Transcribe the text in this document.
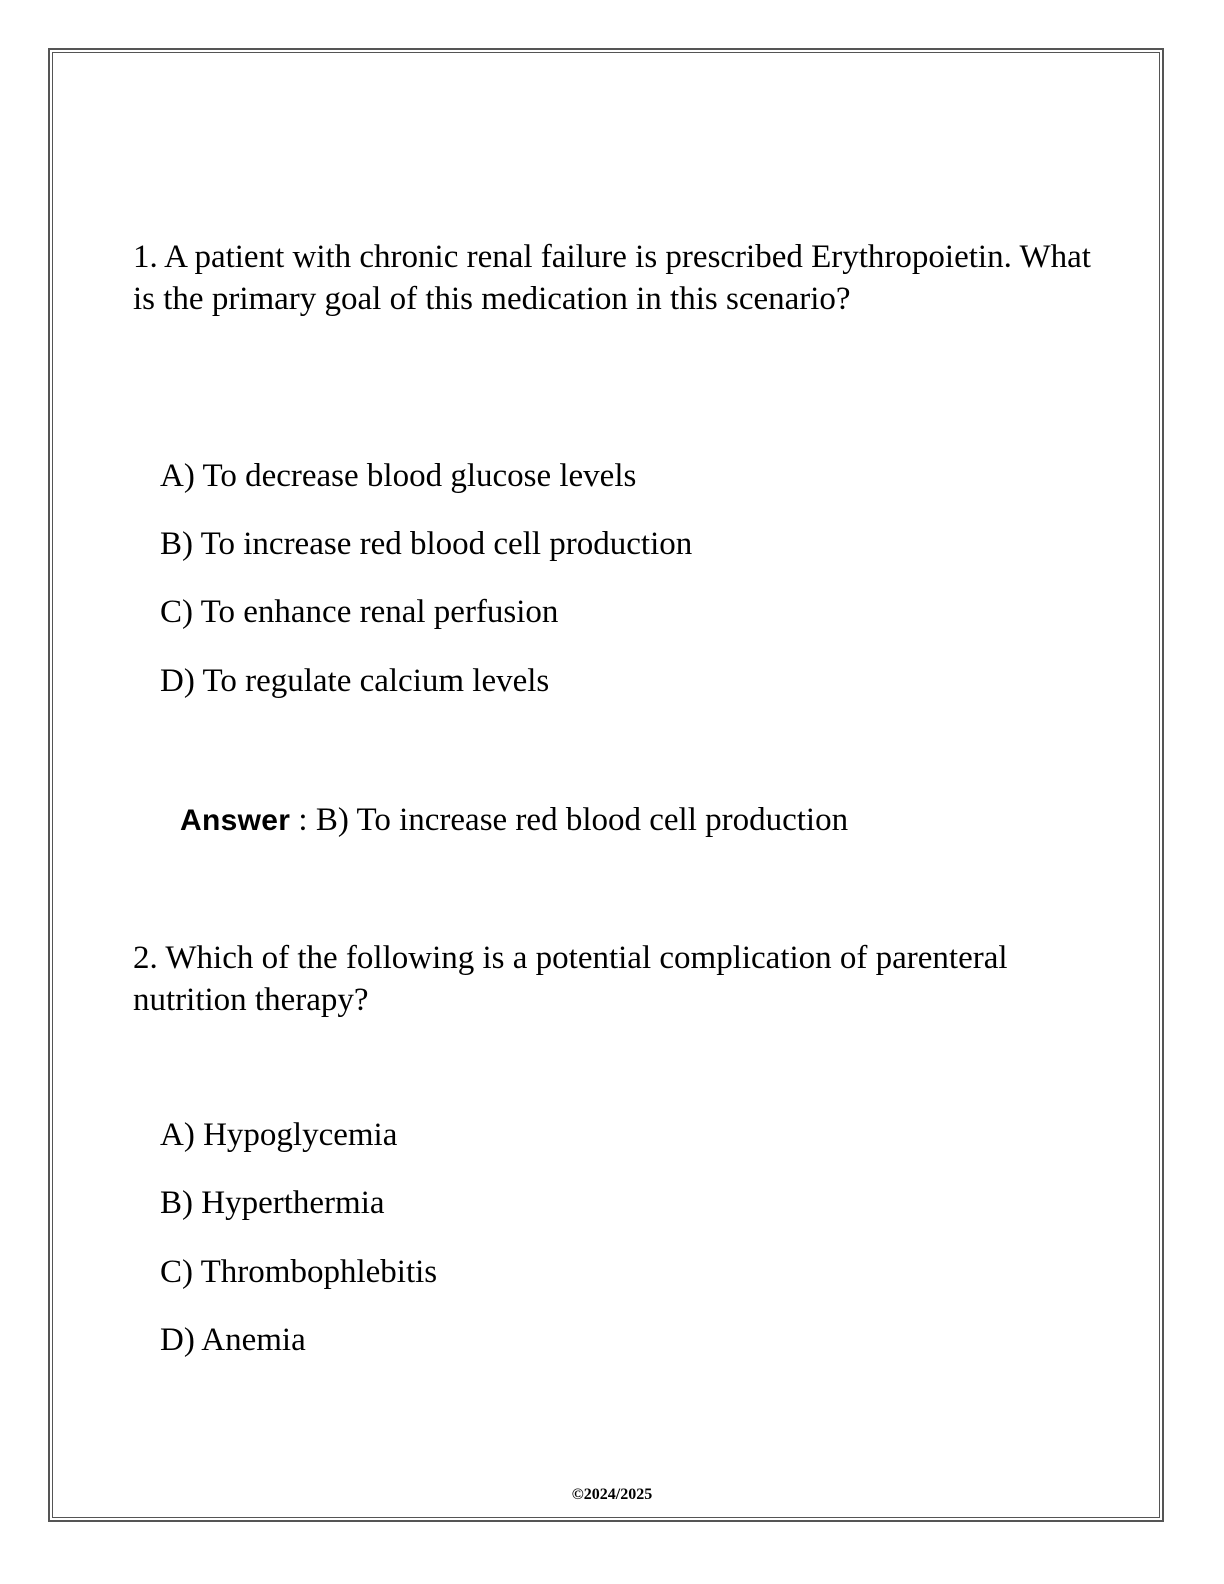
1. A patient with chronic renal failure is prescribed Erythropoietin. What is the primary goal of this medication in this scenario?

A) To decrease blood glucose levels
B) To increase red blood cell production
C) To enhance renal perfusion
D) To regulate calcium levels
Answer : B) To increase red blood cell production

2. Which of the following is a potential complication of parenteral nutrition therapy?

A) Hypoglycemia
B) Hyperthermia
C) Thrombophlebitis
D) Anemia
©2024/2025
